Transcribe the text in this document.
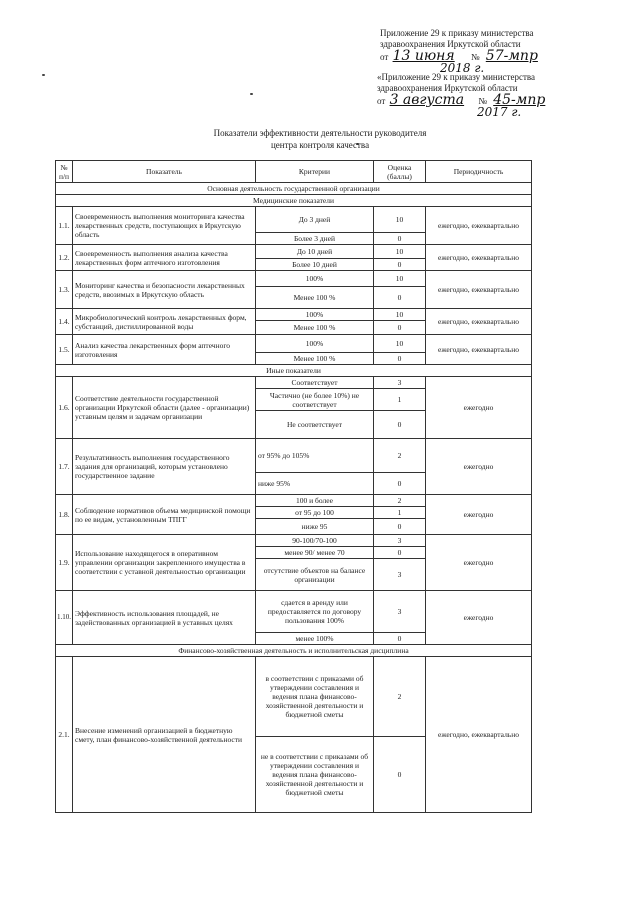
Приложение 29 к приказу министерства
здравоохранения Иркутской области
от 13 июня № 57-мпр
2018 г.
«Приложение 29 к приказу министерства
здравоохранения Иркутской области
от 3 августа № 45-мпр
2017 г.
Показатели эффективности деятельности руководителя
центра контроля качества
№ п/п	Показатель	Критерии	Оценка (баллы)	Периодичность
Основная деятельность государственной организации				
Медицинские показатели				
1.1.	Своевременность выполнения мониторинга качества лекарственных средств, поступающих в Иркутскую область	До 3 дней	10	ежегодно, ежеквартально
		Более 3 дней	0	
1.2.	Своевременность выполнения анализа качества лекарственных форм аптечного изготовления	До 10 дней	10	ежегодно, ежеквартально
		Более 10 дней	0	
1.3.	Мониторинг качества и безопасности лекарственных средств, ввозимых в Иркутскую область	100%	10	ежегодно, ежеквартально
		Менее 100 %	0	
1.4.	Микробиологический контроль лекарственных форм, субстанций, дистиллированной воды	100%	10	ежегодно, ежеквартально
		Менее 100 %	0	
1.5.	Анализ качества лекарственных форм аптечного изготовления	100%	10	ежегодно, ежеквартально
		Менее 100 %	0	
Иные показатели				
1.6.	Соответствие деятельности государственной организации Иркутской области (далее - организации) уставным целям и задачам организации	Соответствует	3	ежегодно
		Частично (не более 10%) не соответствует	1	
		Не соответствует	0	
1.7.	Результативность выполнения государственного задания для организаций, которым установлено государственное задание	от 95% до 105%	2	ежегодно
		ниже 95%	0	
1.8.	Соблюдение нормативов объема медицинской помощи по ее видам, установленным ТПГГ	100 и более	2	ежегодно
		от 95 до 100	1	
		ниже 95	0	
1.9.	Использование находящегося в оперативном управлении организации закрепленного имущества в соответствии с уставной деятельностью организации	90-100/70-100	3	ежегодно
		менее 90/ менее 70	0	
		отсутствие объектов на балансе организации	3	
1.10.	Эффективность использования площадей, не задействованных организацией в уставных целях	сдается в аренду или предоставляется по договору пользования 100%	3	ежегодно
		менее 100%	0	
Финансово-хозяйственная деятельность и исполнительская дисциплина				
2.1.	Внесение изменений организацией в бюджетную смету, план финансово-хозяйственной деятельности	в соответствии с приказами об утверждении составления и ведения плана финансово-хозяйственной деятельности и бюджетной сметы	2	ежегодно, ежеквартально
		не в соответствии с приказами об утверждении составления и ведения плана финансово-хозяйственной деятельности и бюджетной сметы	0	
